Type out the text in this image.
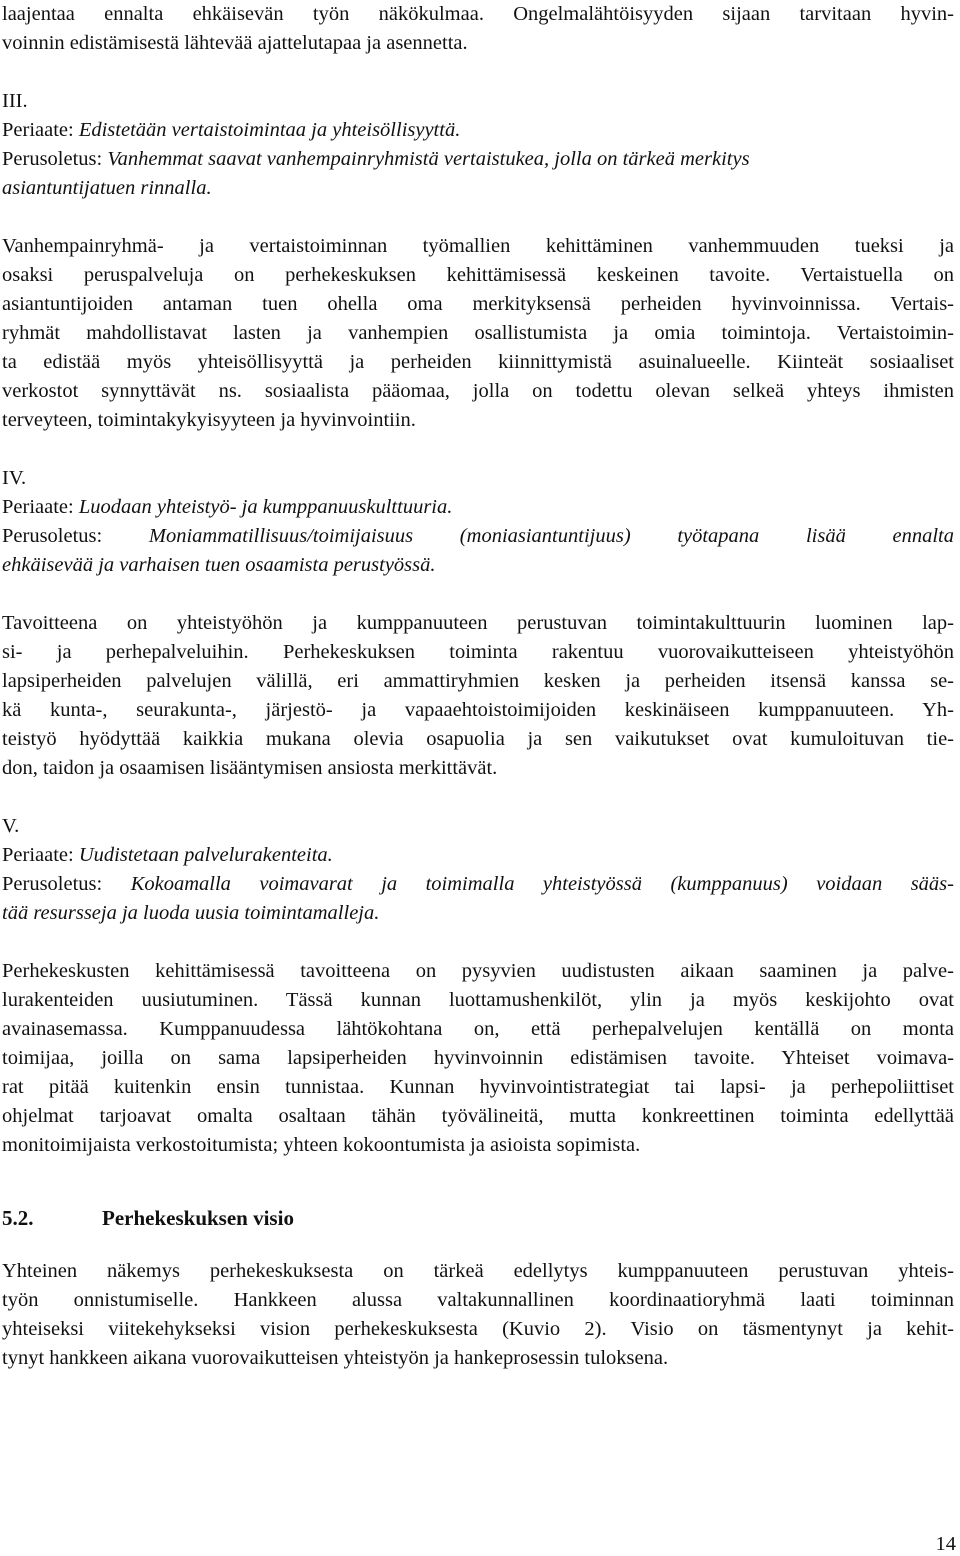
laajentaa ennalta ehkäisevän työn näkökulmaa. Ongelmalähtöisyyden sijaan tarvitaan hyvin-
voinnin edistämisestä lähtevää ajattelutapaa ja asennetta.
III.
Periaate: Edistetään vertaistoimintaa ja yhteisöllisyyttä.
Perusoletus: Vanhemmat saavat vanhempainryhmistä vertaistukea, jolla on tärkeä merkitys
asiantuntijatuen rinnalla.
Vanhempainryhmä- ja vertaistoiminnan työmallien kehittäminen vanhemmuuden tueksi ja
osaksi peruspalveluja on perhekeskuksen kehittämisessä keskeinen tavoite. Vertaistuella on
asiantuntijoiden antaman tuen ohella oma merkityksensä perheiden hyvinvoinnissa. Vertais-
ryhmät mahdollistavat lasten ja vanhempien osallistumista ja omia toimintoja. Vertaistoimin-
ta edistää myös yhteisöllisyyttä ja perheiden kiinnittymistä asuinalueelle. Kiinteät sosiaaliset
verkostot synnyttävät ns. sosiaalista pääomaa, jolla on todettu olevan selkeä yhteys ihmisten
terveyteen, toimintakykyisyyteen ja hyvinvointiin.
IV.
Periaate: Luodaan yhteistyö- ja kumppanuuskulttuuria.
Perusoletus: Moniammatillisuus/toimijaisuus (moniasiantuntijuus) työtapana lisää ennalta
ehkäisevää ja varhaisen tuen osaamista perustyössä.
Tavoitteena on yhteistyöhön ja kumppanuuteen perustuvan toimintakulttuurin luominen lap-
si- ja perhepalveluihin. Perhekeskuksen toiminta rakentuu vuorovaikutteiseen yhteistyöhön
lapsiperheiden palvelujen välillä, eri ammattiryhmien kesken ja perheiden itsensä kanssa se-
kä kunta-, seurakunta-, järjestö- ja vapaaehtoistoimijoiden keskinäiseen kumppanuuteen. Yh-
teistyö hyödyttää kaikkia mukana olevia osapuolia ja sen vaikutukset ovat kumuloituvan tie-
don, taidon ja osaamisen lisääntymisen ansiosta merkittävät.
V.
Periaate: Uudistetaan palvelurakenteita.
Perusoletus: Kokoamalla voimavarat ja toimimalla yhteistyössä (kumppanuus) voidaan sääs-
tää resursseja ja luoda uusia toimintamalleja.
Perhekeskusten kehittämisessä tavoitteena on pysyvien uudistusten aikaan saaminen ja palve-
lurakenteiden uusiutuminen. Tässä kunnan luottamushenkilöt, ylin ja myös keskijohto ovat
avainasemassa. Kumppanuudessa lähtökohtana on, että perhepalvelujen kentällä on monta
toimijaa, joilla on sama lapsiperheiden hyvinvoinnin edistämisen tavoite. Yhteiset voimava-
rat pitää kuitenkin ensin tunnistaa. Kunnan hyvinvointistrategiat tai lapsi- ja perhepoliittiset
ohjelmat tarjoavat omalta osaltaan tähän työvälineitä, mutta konkreettinen toiminta edellyttää
monitoimijaista verkostoitumista; yhteen kokoontumista ja asioista sopimista.
5.2.	Perhekeskuksen visio
Yhteinen näkemys perhekeskuksesta on tärkeä edellytys kumppanuuteen perustuvan yhteis-
työn onnistumiselle. Hankkeen alussa valtakunnallinen koordinaatioryhmä laati toiminnan
yhteiseksi viitekehykseksi vision perhekeskuksesta (Kuvio 2). Visio on täsmentynyt ja kehit-
tynyt hankkeen aikana vuorovaikutteisen yhteistyön ja hankeprosessin tuloksena.
14
